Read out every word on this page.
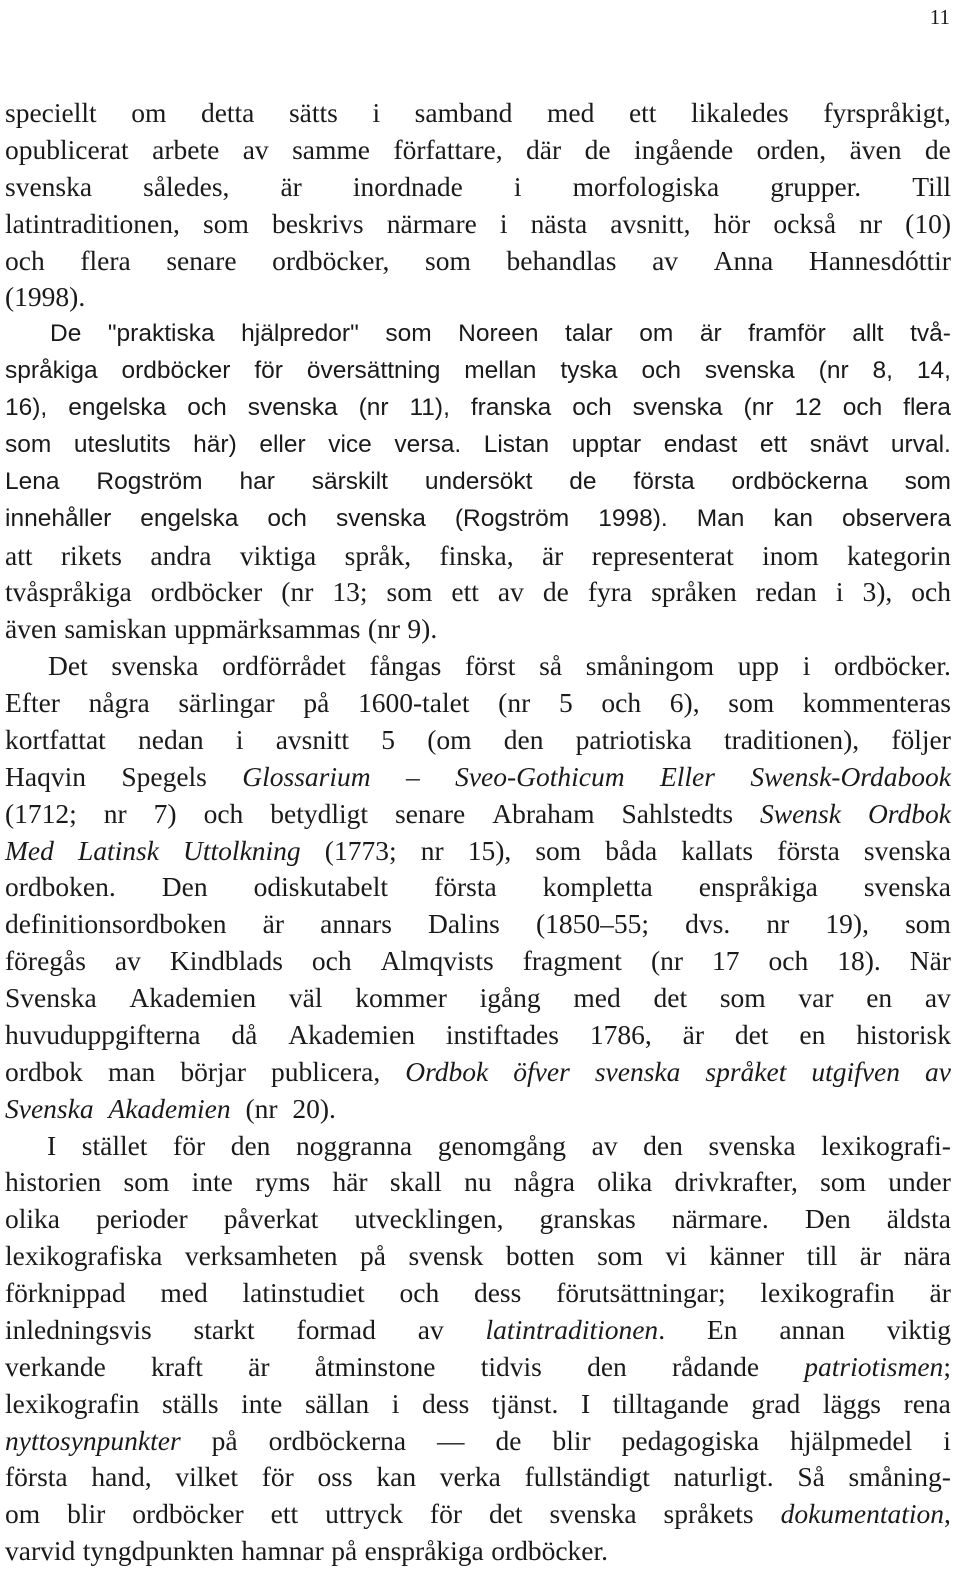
11
speciellt om detta sätts i samband med ett likaledes fyrspråkigt,
opublicerat arbete av samme författare, där de ingående orden, även de
svenska således, är inordnade i morfologiska grupper. Till
latintraditionen, som beskrivs närmare i nästa avsnitt, hör också nr (10)
och flera senare ordböcker, som behandlas av Anna Hannesdóttir
(1998).
De "praktiska hjälpredor" som Noreen talar om är framför allt två-
språkiga ordböcker för översättning mellan tyska och svenska (nr 8, 14,
16), engelska och svenska (nr 11), franska och svenska (nr 12 och flera
som uteslutits här) eller vice versa. Listan upptar endast ett snävt urval.
Lena Rogström har särskilt undersökt de första ordböckerna som
innehåller engelska och svenska (Rogström 1998). Man kan observera
att rikets andra viktiga språk, finska, är representerat inom kategorin
tvåspråkiga ordböcker (nr 13; som ett av de fyra språken redan i 3), och
även samiskan uppmärksammas (nr 9).
Det svenska ordförrådet fångas först så småningom upp i ordböcker.
Efter några särlingar på 1600-talet (nr 5 och 6), som kommenteras
kortfattat nedan i avsnitt 5 (om den patriotiska traditionen), följer
Haqvin Spegels Glossarium – Sveo-Gothicum Eller Swensk-Ordabook
(1712; nr 7) och betydligt senare Abraham Sahlstedts Swensk Ordbok
Med Latinsk Uttolkning (1773; nr 15), som båda kallats första svenska
ordboken. Den odiskutabelt första kompletta enspråkiga svenska
definitionsordboken är annars Dalins (1850–55; dvs. nr 19), som
föregås av Kindblads och Almqvists fragment (nr 17 och 18). När
Svenska Akademien väl kommer igång med det som var en av
huvuduppgifterna då Akademien instiftades 1786, är det en historisk
ordbok man börjar publicera, Ordbok öfver svenska språket utgifven av
Svenska Akademien (nr 20).
I stället för den noggranna genomgång av den svenska lexikografi-
historien som inte ryms här skall nu några olika drivkrafter, som under
olika perioder påverkat utvecklingen, granskas närmare. Den äldsta
lexikografiska verksamheten på svensk botten som vi känner till är nära
förknippad med latinstudiet och dess förutsättningar; lexikografin är
inledningsvis starkt formad av latintraditionen. En annan viktig
verkande kraft är åtminstone tidvis den rådande patriotismen;
lexikografin ställs inte sällan i dess tjänst. I tilltagande grad läggs rena
nyttosynpunkter på ordböckerna — de blir pedagogiska hjälpmedel i
första hand, vilket för oss kan verka fullständigt naturligt. Så småning-
om blir ordböcker ett uttryck för det svenska språkets dokumentation,
varvid tyngdpunkten hamnar på enspråkiga ordböcker.
